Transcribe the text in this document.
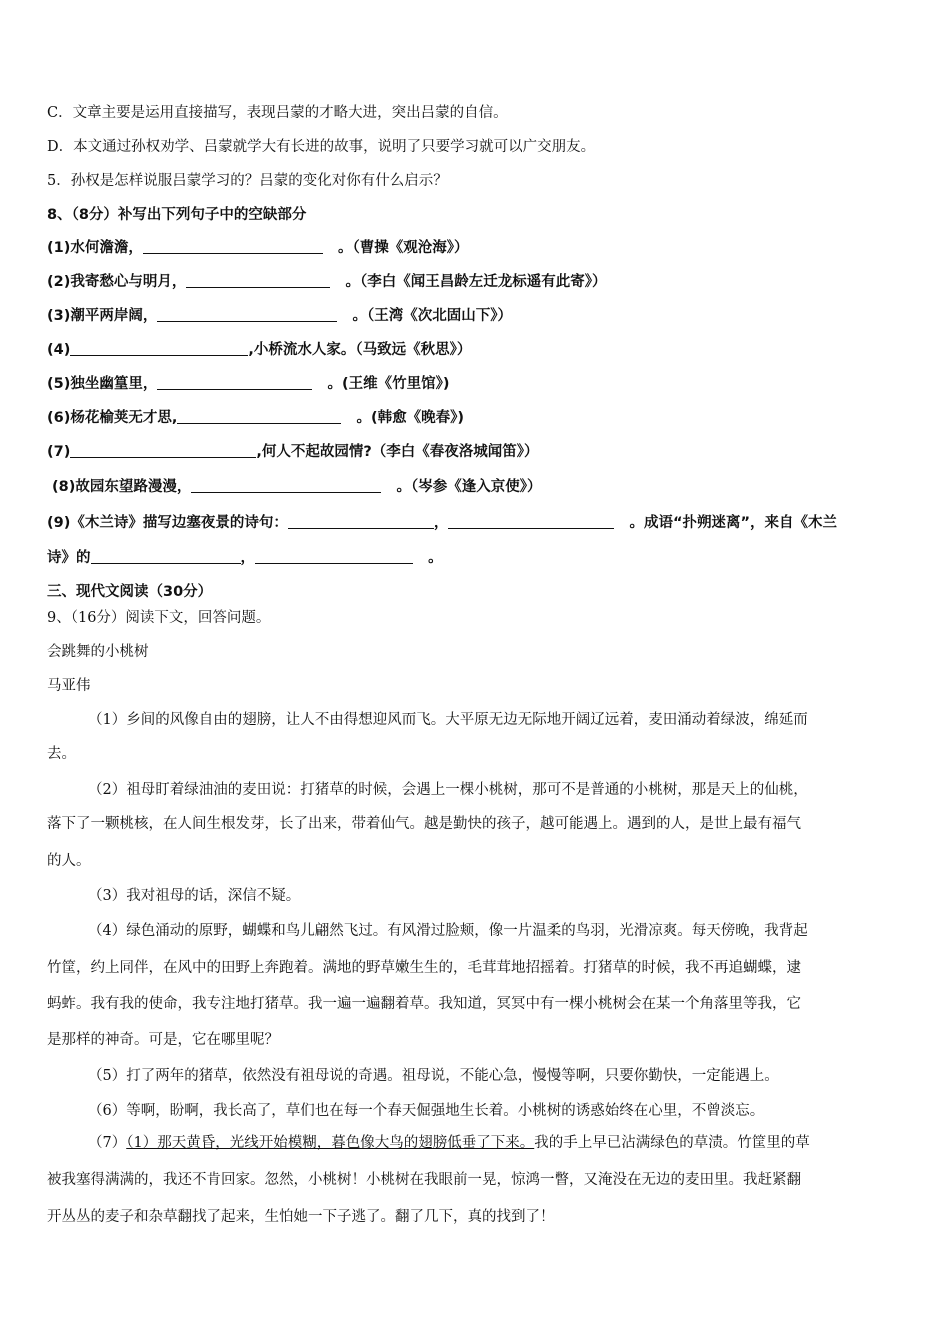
C．文章主要是运用直接描写，表现吕蒙的才略大进，突出吕蒙的自信。
D．本文通过孙权劝学、吕蒙就学大有长进的故事，说明了只要学习就可以广交朋友。
5．孙权是怎样说服吕蒙学习的？吕蒙的变化对你有什么启示？
8、（8分）补写出下列句子中的空缺部分
(1)水何澹澹，	。（曹操《观沧海》）
(2)我寄愁心与明月，	。（李白《闻王昌龄左迁龙标遥有此寄》）
(3)潮平两岸阔，	。（王湾《次北固山下》）
(4)	,小桥流水人家。（马致远《秋思》）
(5)独坐幽篁里，	。(王维《竹里馆》)
(6)杨花榆荚无才思,	。(韩愈《晚春》)
(7)	,何人不起故园情?（李白《春夜洛城闻笛》）
(8)故园东望路漫漫，	。（岑参《逢入京使》）
(9)《木兰诗》描写边塞夜景的诗句：	，	。成语“扑朔迷离”，来自《木兰
诗》的	，	。
三、现代文阅读（30分）
9、（16分）阅读下文，回答问题。
会跳舞的小桃树
马亚伟
（1）乡间的风像自由的翅膀，让人不由得想迎风而飞。大平原无边无际地开阔辽远着，麦田涌动着绿波，绵延而
去。
（2）祖母盯着绿油油的麦田说：打猪草的时候，会遇上一棵小桃树，那可不是普通的小桃树，那是天上的仙桃，
落下了一颗桃核，在人间生根发芽，长了出来，带着仙气。越是勤快的孩子，越可能遇上。遇到的人，是世上最有福气
的人。
（3）我对祖母的话，深信不疑。
（4）绿色涌动的原野，蝴蝶和鸟儿翩然飞过。有风滑过脸颊，像一片温柔的鸟羽，光滑凉爽。每天傍晚，我背起
竹筐，约上同伴，在风中的田野上奔跑着。满地的野草嫩生生的，毛茸茸地招摇着。打猪草的时候，我不再追蝴蝶，逮
蚂蚱。我有我的使命，我专注地打猪草。我一遍一遍翻着草。我知道，冥冥中有一棵小桃树会在某一个角落里等我，它
是那样的神奇。可是，它在哪里呢？
（5）打了两年的猪草，依然没有祖母说的奇遇。祖母说，不能心急，慢慢等啊，只要你勤快，一定能遇上。
（6）等啊，盼啊，我长高了，草们也在每一个春天倔强地生长着。小桃树的诱惑始终在心里，不曾淡忘。
（7）（1）那天黄昏，光线开始模糊，暮色像大鸟的翅膀低垂了下来。我的手上早已沾满绿色的草渍。竹筐里的草
被我塞得满满的，我还不肯回家。忽然，小桃树！小桃树在我眼前一晃，惊鸿一瞥，又淹没在无边的麦田里。我赶紧翻
开丛丛的麦子和杂草翻找了起来，生怕她一下子逃了。翻了几下，真的找到了！
